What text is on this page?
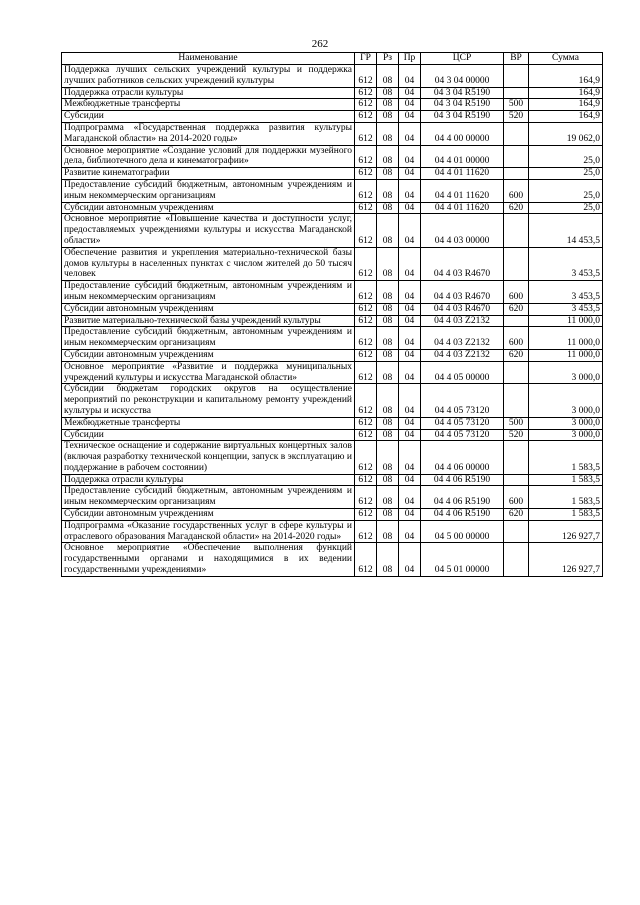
262
Наименование	ГР	Рз	Пр	ЦСР	ВР	Сумма
Поддержка лучших сельских учреждений культуры и поддержка лучших работников сельских учреждений культуры	612	08	04	04 3 04 00000		164,9
Поддержка отрасли культуры	612	08	04	04 3 04 R5190		164,9
Межбюджетные трансферты	612	08	04	04 3 04 R5190	500	164,9
Субсидии	612	08	04	04 3 04 R5190	520	164,9
Подпрограмма «Государственная поддержка развития культуры Магаданской области» на 2014-2020 годы»	612	08	04	04 4 00 00000		19 062,0
Основное мероприятие «Создание условий для поддержки музейного дела, библиотечного дела и кинематографии»	612	08	04	04 4 01 00000		25,0
Развитие кинематографии	612	08	04	04 4 01 11620		25,0
Предоставление субсидий бюджетным, автономным учреждениям и иным некоммерческим организациям	612	08	04	04 4 01 11620	600	25,0
Субсидии автономным учреждениям	612	08	04	04 4 01 11620	620	25,0
Основное мероприятие «Повышение качества и доступности услуг, предоставляемых учреждениями культуры и искусства Магаданской области»	612	08	04	04 4 03 00000		14 453,5
Обеспечение развития и укрепления материально-технической базы домов культуры в населенных пунктах с числом жителей до 50 тысяч человек	612	08	04	04 4 03 R4670		3 453,5
Предоставление субсидий бюджетным, автономным учреждениям и иным некоммерческим организациям	612	08	04	04 4 03 R4670	600	3 453,5
Субсидии автономным учреждениям	612	08	04	04 4 03 R4670	620	3 453,5
Развитие материально-технической базы учреждений культуры	612	08	04	04 4 03 Z2132		11 000,0
Предоставление субсидий бюджетным, автономным учреждениям и иным некоммерческим организациям	612	08	04	04 4 03 Z2132	600	11 000,0
Субсидии автономным учреждениям	612	08	04	04 4 03 Z2132	620	11 000,0
Основное мероприятие «Развитие и поддержка муниципальных учреждений культуры и искусства Магаданской области»	612	08	04	04 4 05 00000		3 000,0
Субсидии бюджетам городских округов на осуществление мероприятий по реконструкции и капитальному ремонту учреждений культуры и искусства	612	08	04	04 4 05 73120		3 000,0
Межбюджетные трансферты	612	08	04	04 4 05 73120	500	3 000,0
Субсидии	612	08	04	04 4 05 73120	520	3 000,0
Техническое оснащение и содержание виртуальных концертных залов (включая разработку технической концепции, запуск в эксплуатацию и поддержание в рабочем состоянии)	612	08	04	04 4 06 00000		1 583,5
Поддержка отрасли культуры	612	08	04	04 4 06 R5190		1 583,5
Предоставление субсидий бюджетным, автономным учреждениям и иным некоммерческим организациям	612	08	04	04 4 06 R5190	600	1 583,5
Субсидии автономным учреждениям	612	08	04	04 4 06 R5190	620	1 583,5
Подпрограмма «Оказание государственных услуг в сфере культуры и отраслевого образования Магаданской области» на 2014-2020 годы»	612	08	04	04 5 00 00000		126 927,7
Основное мероприятие «Обеспечение выполнения функций государственными органами и находящимися в их ведении государственными учреждениями»	612	08	04	04 5 01 00000		126 927,7
